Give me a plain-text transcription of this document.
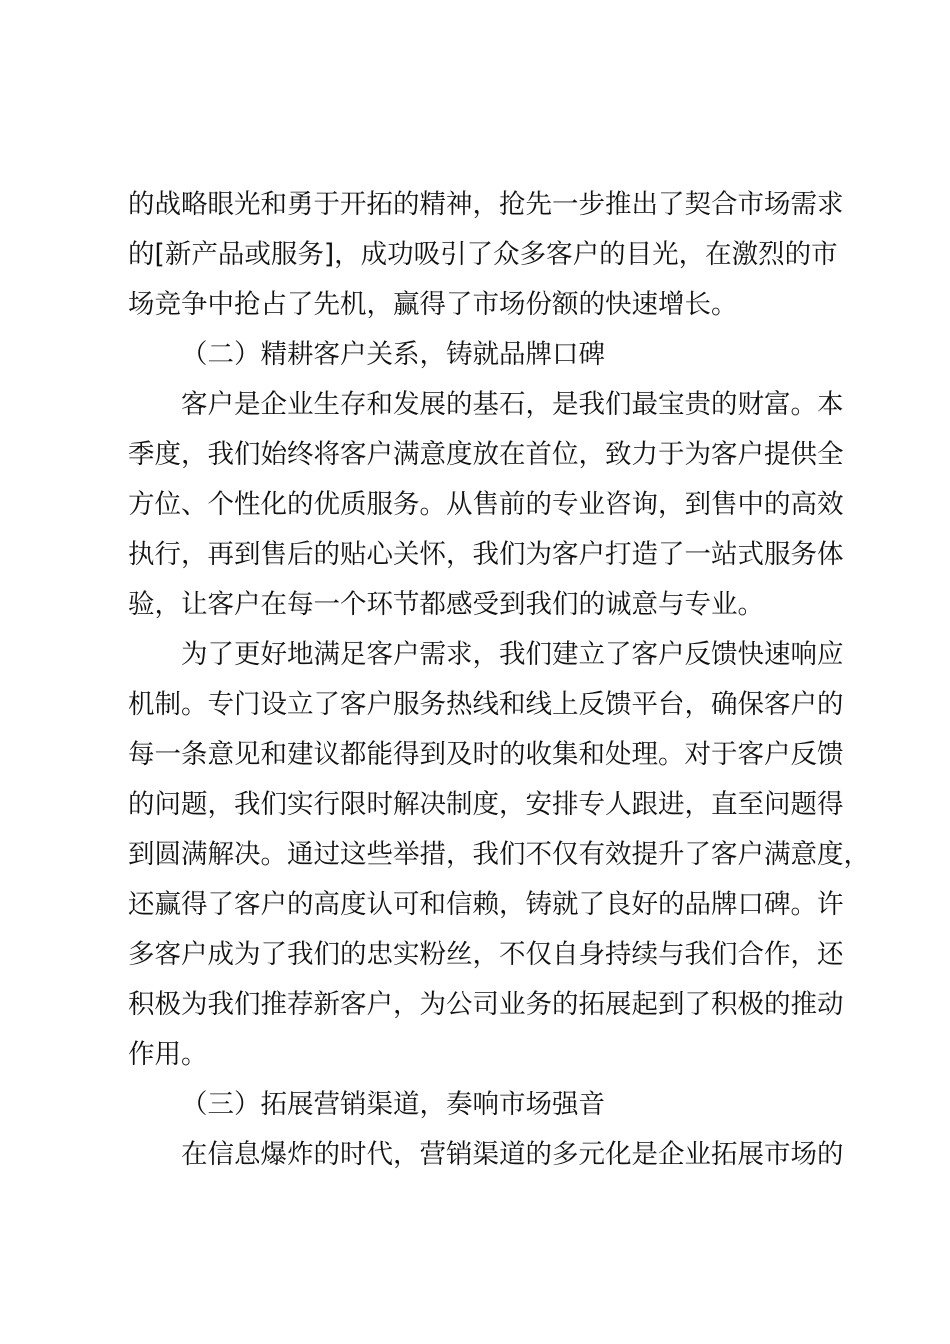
的战略眼光和勇于开拓的精神，抢先一步推出了契合市场需求
的[新产品或服务]，成功吸引了众多客户的目光，在激烈的市
场竞争中抢占了先机，赢得了市场份额的快速增长。
（二）精耕客户关系，铸就品牌口碑
客户是企业生存和发展的基石，是我们最宝贵的财富。本
季度，我们始终将客户满意度放在首位，致力于为客户提供全
方位、个性化的优质服务。从售前的专业咨询，到售中的高效
执行，再到售后的贴心关怀，我们为客户打造了一站式服务体
验，让客户在每一个环节都感受到我们的诚意与专业。
为了更好地满足客户需求，我们建立了客户反馈快速响应
机制。专门设立了客户服务热线和线上反馈平台，确保客户的
每一条意见和建议都能得到及时的收集和处理。对于客户反馈
的问题，我们实行限时解决制度，安排专人跟进，直至问题得
到圆满解决。通过这些举措，我们不仅有效提升了客户满意度，
还赢得了客户的高度认可和信赖，铸就了良好的品牌口碑。许
多客户成为了我们的忠实粉丝，不仅自身持续与我们合作，还
积极为我们推荐新客户，为公司业务的拓展起到了积极的推动
作用。
（三）拓展营销渠道，奏响市场强音
在信息爆炸的时代，营销渠道的多元化是企业拓展市场的
